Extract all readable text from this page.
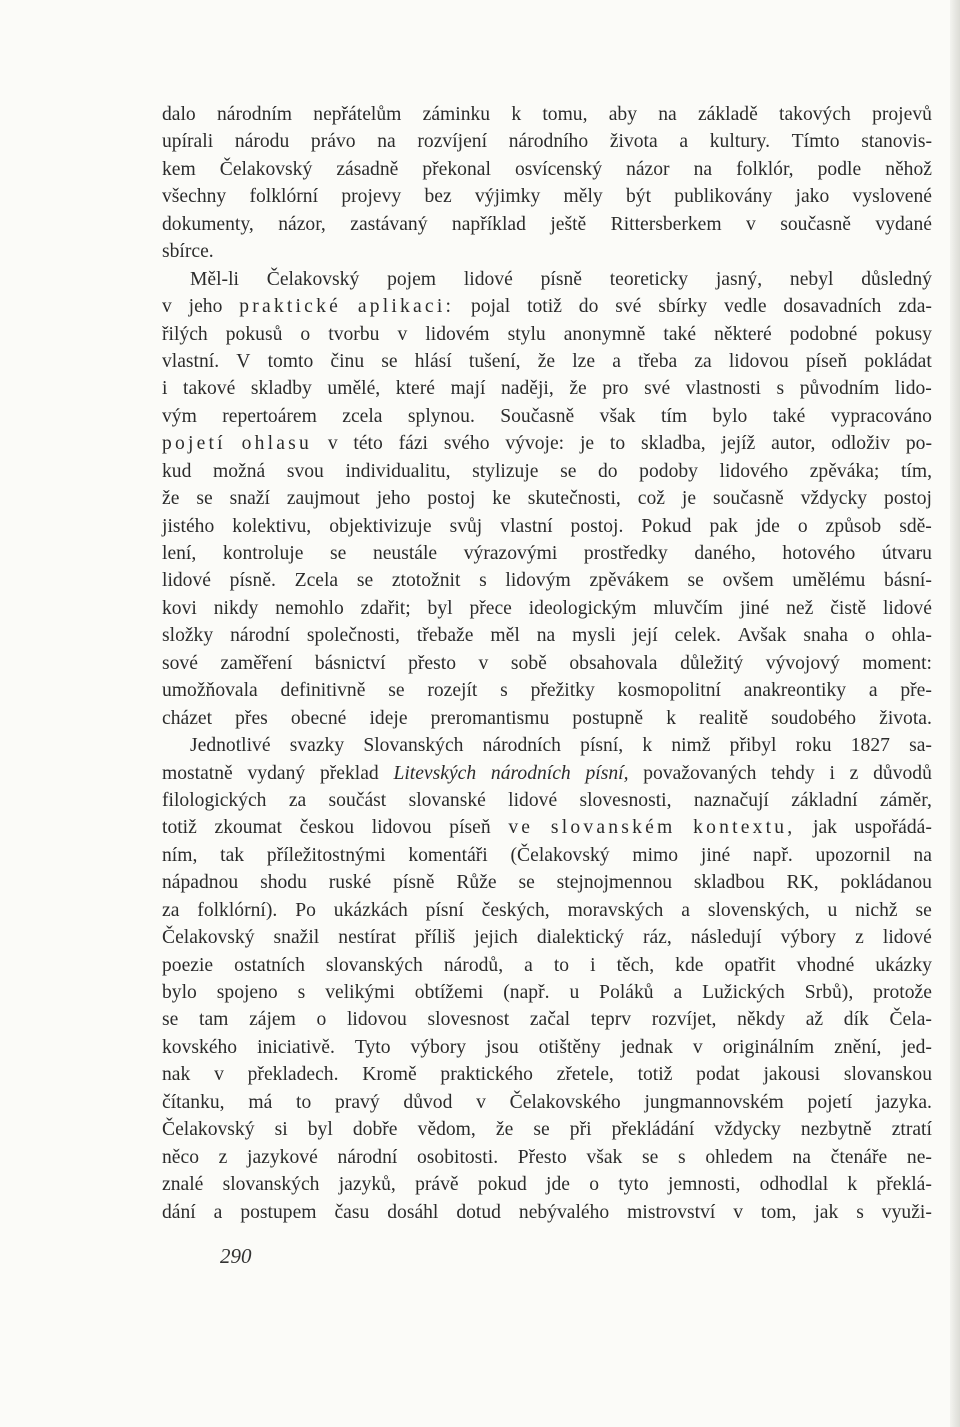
dalo národním nepřátelům záminku k tomu, aby na základě takových projevů
upírali národu právo na rozvíjení národního života a kultury. Tímto stanovis-
kem Čelakovský zásadně překonal osvícenský názor na folklór, podle něhož
všechny folklórní projevy bez výjimky měly být publikovány jako vyslovené
dokumenty, názor, zastávaný například ještě Rittersberkem v současně vydané
sbírce.
Měl-li Čelakovský pojem lidové písně teoreticky jasný, nebyl důsledný
v jeho praktické aplikaci: pojal totiž do své sbírky vedle dosavadních zda-
řilých pokusů o tvorbu v lidovém stylu anonymně také některé podobné pokusy
vlastní. V tomto činu se hlásí tušení, že lze a třeba za lidovou píseň pokládat
i takové skladby umělé, které mají naději, že pro své vlastnosti s původním lido-
vým repertoárem zcela splynou. Současně však tím bylo také vypracováno
pojetí ohlasu v této fázi svého vývoje: je to skladba, jejíž autor, odloživ po-
kud možná svou individualitu, stylizuje se do podoby lidového zpěváka; tím,
že se snaží zaujmout jeho postoj ke skutečnosti, což je současně vždycky postoj
jistého kolektivu, objektivizuje svůj vlastní postoj. Pokud pak jde o způsob sdě-
lení, kontroluje se neustále výrazovými prostředky daného, hotového útvaru
lidové písně. Zcela se ztotožnit s lidovým zpěvákem se ovšem umělému básní-
kovi nikdy nemohlo zdařit; byl přece ideologickým mluvčím jiné než čistě lidové
složky národní společnosti, třebaže měl na mysli její celek. Avšak snaha o ohla-
sové zaměření básnictví přesto v sobě obsahovala důležitý vývojový moment:
umožňovala definitivně se rozejít s přežitky kosmopolitní anakreontiky a pře-
cházet přes obecné ideje preromantismu postupně k realitě soudobého života.
Jednotlivé svazky Slovanských národních písní, k nimž přibyl roku 1827 sa-
mostatně vydaný překlad Litevských národních písní, považovaných tehdy i z důvodů
filologických za součást slovanské lidové slovesnosti, naznačují základní záměr,
totiž zkoumat českou lidovou píseň ve slovanském kontextu, jak uspořádá-
ním, tak příležitostnými komentáři (Čelakovský mimo jiné např. upozornil na
nápadnou shodu ruské písně Růže se stejnojmennou skladbou RK, pokládanou
za folklórní). Po ukázkách písní českých, moravských a slovenských, u nichž se
Čelakovský snažil nestírat příliš jejich dialektický ráz, následují výbory z lidové
poezie ostatních slovanských národů, a to i těch, kde opatřit vhodné ukázky
bylo spojeno s velikými obtížemi (např. u Poláků a Lužických Srbů), protože
se tam zájem o lidovou slovesnost začal teprv rozvíjet, někdy až dík Čela-
kovského iniciativě. Tyto výbory jsou otištěny jednak v originálním znění, jed-
nak v překladech. Kromě praktického zřetele, totiž podat jakousi slovanskou
čítanku, má to pravý důvod v Čelakovského jungmannovském pojetí jazyka.
Čelakovský si byl dobře vědom, že se při překládání vždycky nezbytně ztratí
něco z jazykové národní osobitosti. Přesto však se s ohledem na čtenáře ne-
znalé slovanských jazyků, právě pokud jde o tyto jemnosti, odhodlal k překlá-
dání a postupem času dosáhl dotud nebývalého mistrovství v tom, jak s využi-
290
